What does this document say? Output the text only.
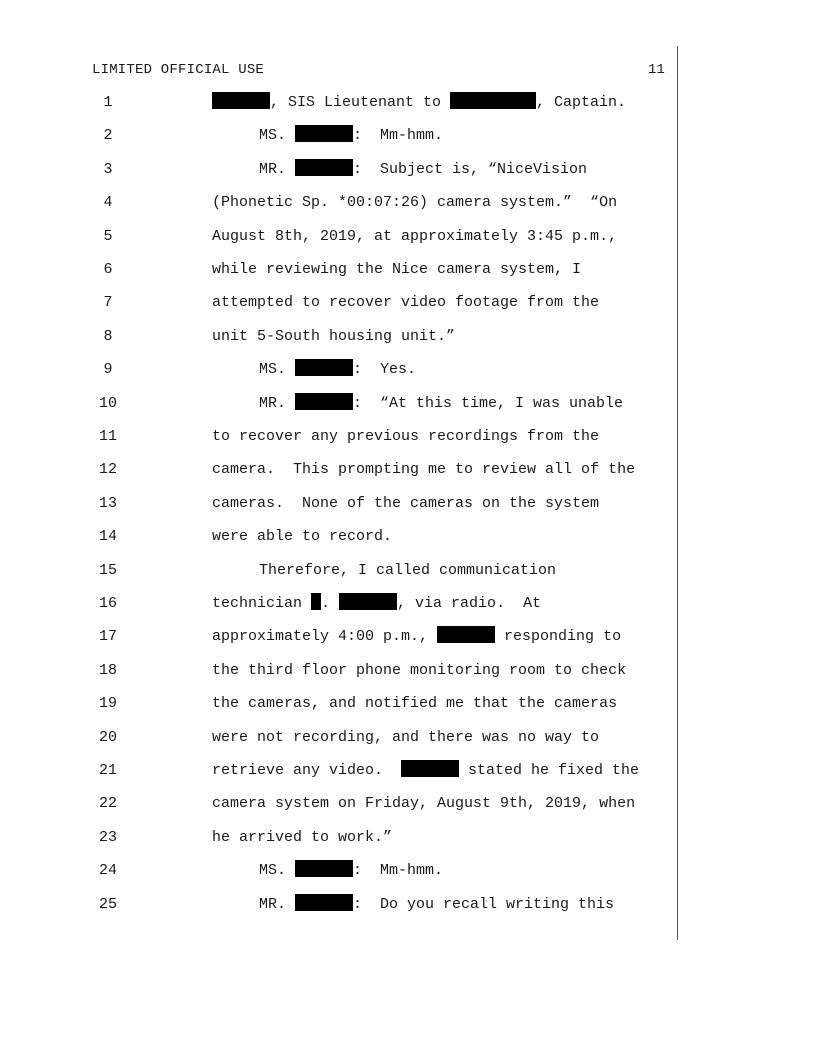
LIMITED OFFICIAL USE	11
1	, SIS Lieutenant to	, Captain.
2	MS.	:  Mm-hmm.
3	MR.	:  Subject is, “NiceVision
4	(Phonetic Sp. *00:07:26) camera system.”  “On
5	August 8th, 2019, at approximately 3:45 p.m.,
6	while reviewing the Nice camera system, I
7	attempted to recover video footage from the
8	unit 5-South housing unit.”
9	MS.	:  Yes.
10	MR.	:  “At this time, I was unable
11	to recover any previous recordings from the
12	camera.  This prompting me to review all of the
13	cameras.  None of the cameras on the system
14	were able to record.
15	Therefore, I called communication
16	technician .	, via radio.  At
17	approximately 4:00 p.m.,	responding to
18	the third floor phone monitoring room to check
19	the cameras, and notified me that the cameras
20	were not recording, and there was no way to
21	retrieve any video.	stated he fixed the
22	camera system on Friday, August 9th, 2019, when
23	he arrived to work.”
24	MS.	:  Mm-hmm.
25	MR.	:  Do you recall writing this
